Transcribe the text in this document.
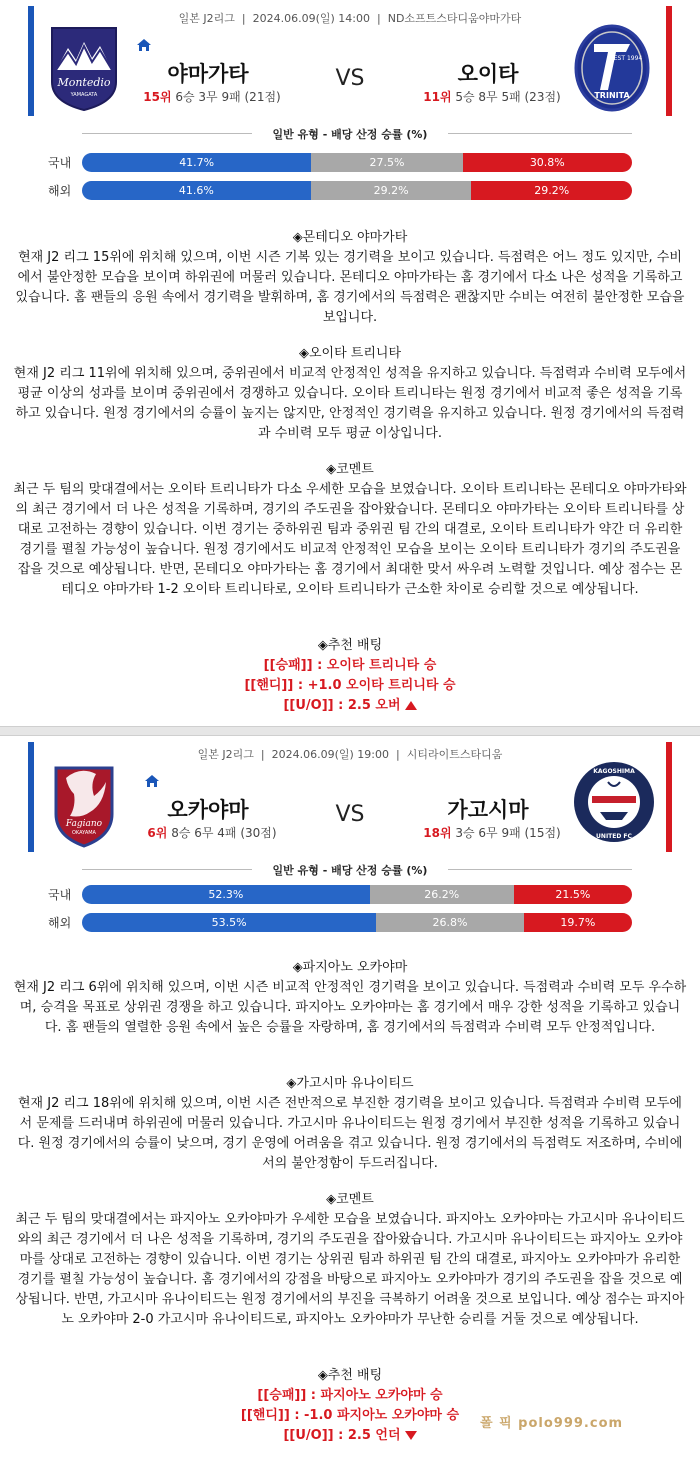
일본 J2리그  |  2024.06.09(일) 14:00  |  ND소프트스타디움야마가타
Montedio
YAMAGATA
EST 1994
TRINITA
야마가타	VS	오이타
15위 6승 3무 9패 (21점)	11위 5승 8무 5패 (23점)
일반 유형 - 배당 산정 승률 (%)
국내	41.7%	27.5%	30.8%
해외	41.6%	29.2%	29.2%
◈몬테디오 야마가타
현재 J2 리그 15위에 위치해 있으며, 이번 시즌 기복 있는 경기력을 보이고 있습니다. 득점력은 어느 정도 있지만, 수비에서 불안정한 모습을 보이며 하위권에 머물러 있습니다. 몬테디오 야마가타는 홈 경기에서 다소 나은 성적을 기록하고 있습니다. 홈 팬들의 응원 속에서 경기력을 발휘하며, 홈 경기에서의 득점력은 괜찮지만 수비는 여전히 불안정한 모습을 보입니다.
◈오이타 트리니타
현재 J2 리그 11위에 위치해 있으며, 중위권에서 비교적 안정적인 성적을 유지하고 있습니다. 득점력과 수비력 모두에서 평균 이상의 성과를 보이며 중위권에서 경쟁하고 있습니다. 오이타 트리니타는 원정 경기에서 비교적 좋은 성적을 기록하고 있습니다. 원정 경기에서의 승률이 높지는 않지만, 안정적인 경기력을 유지하고 있습니다. 원정 경기에서의 득점력과 수비력 모두 평균 이상입니다.
◈코멘트
최근 두 팀의 맞대결에서는 오이타 트리니타가 다소 우세한 모습을 보였습니다. 오이타 트리니타는 몬테디오 야마가타와의 최근 경기에서 더 나은 성적을 기록하며, 경기의 주도권을 잡아왔습니다. 몬테디오 야마가타는 오이타 트리니타를 상대로 고전하는 경향이 있습니다. 이번 경기는 중하위권 팀과 중위권 팀 간의 대결로, 오이타 트리니타가 약간 더 유리한 경기를 펼칠 가능성이 높습니다. 원정 경기에서도 비교적 안정적인 모습을 보이는 오이타 트리니타가 경기의 주도권을 잡을 것으로 예상됩니다. 반면, 몬테디오 야마가타는 홈 경기에서 최대한 맞서 싸우려 노력할 것입니다. 예상 점수는 몬테디오 야마가타 1-2 오이타 트리니타로, 오이타 트리니타가 근소한 차이로 승리할 것으로 예상됩니다.
◈추천 배팅
[[승패]] : 오이타 트리니타 승
[[핸디]] : +1.0 오이타 트리니타 승
[[U/O]] : 2.5 오버
일본 J2리그  |  2024.06.09(일) 19:00  |  시티라이트스타디움
Fagiano
OKAYAMA
KAGOSHIMA
UNITED FC
오카야마	VS	가고시마
6위 8승 6무 4패 (30점)	18위 3승 6무 9패 (15점)
일반 유형 - 배당 산정 승률 (%)
국내	52.3%	26.2%	21.5%
해외	53.5%	26.8%	19.7%
◈파지아노 오카야마
현재 J2 리그 6위에 위치해 있으며, 이번 시즌 비교적 안정적인 경기력을 보이고 있습니다. 득점력과 수비력 모두 우수하며, 승격을 목표로 상위권 경쟁을 하고 있습니다. 파지아노 오카야마는 홈 경기에서 매우 강한 성적을 기록하고 있습니다. 홈 팬들의 열렬한 응원 속에서 높은 승률을 자랑하며, 홈 경기에서의 득점력과 수비력 모두 안정적입니다.
◈가고시마 유나이티드
현재 J2 리그 18위에 위치해 있으며, 이번 시즌 전반적으로 부진한 경기력을 보이고 있습니다. 득점력과 수비력 모두에서 문제를 드러내며 하위권에 머물러 있습니다. 가고시마 유나이티드는 원정 경기에서 부진한 성적을 기록하고 있습니다. 원정 경기에서의 승률이 낮으며, 경기 운영에 어려움을 겪고 있습니다. 원정 경기에서의 득점력도 저조하며, 수비에서의 불안정함이 두드러집니다.
◈코멘트
최근 두 팀의 맞대결에서는 파지아노 오카야마가 우세한 모습을 보였습니다. 파지아노 오카야마는 가고시마 유나이티드와의 최근 경기에서 더 나은 성적을 기록하며, 경기의 주도권을 잡아왔습니다. 가고시마 유나이티드는 파지아노 오카야마를 상대로 고전하는 경향이 있습니다. 이번 경기는 상위권 팀과 하위권 팀 간의 대결로, 파지아노 오카야마가 유리한 경기를 펼칠 가능성이 높습니다. 홈 경기에서의 강점을 바탕으로 파지아노 오카야마가 경기의 주도권을 잡을 것으로 예상됩니다. 반면, 가고시마 유나이티드는 원정 경기에서의 부진을 극복하기 어려울 것으로 보입니다. 예상 점수는 파지아노 오카야마 2-0 가고시마 유나이티드로, 파지아노 오카야마가 무난한 승리를 거둘 것으로 예상됩니다.
◈추천 배팅
[[승패]] : 파지아노 오카야마 승
[[핸디]] : -1.0 파지아노 오카야마 승
[[U/O]] : 2.5 언더
폴 픽 polo999.com
